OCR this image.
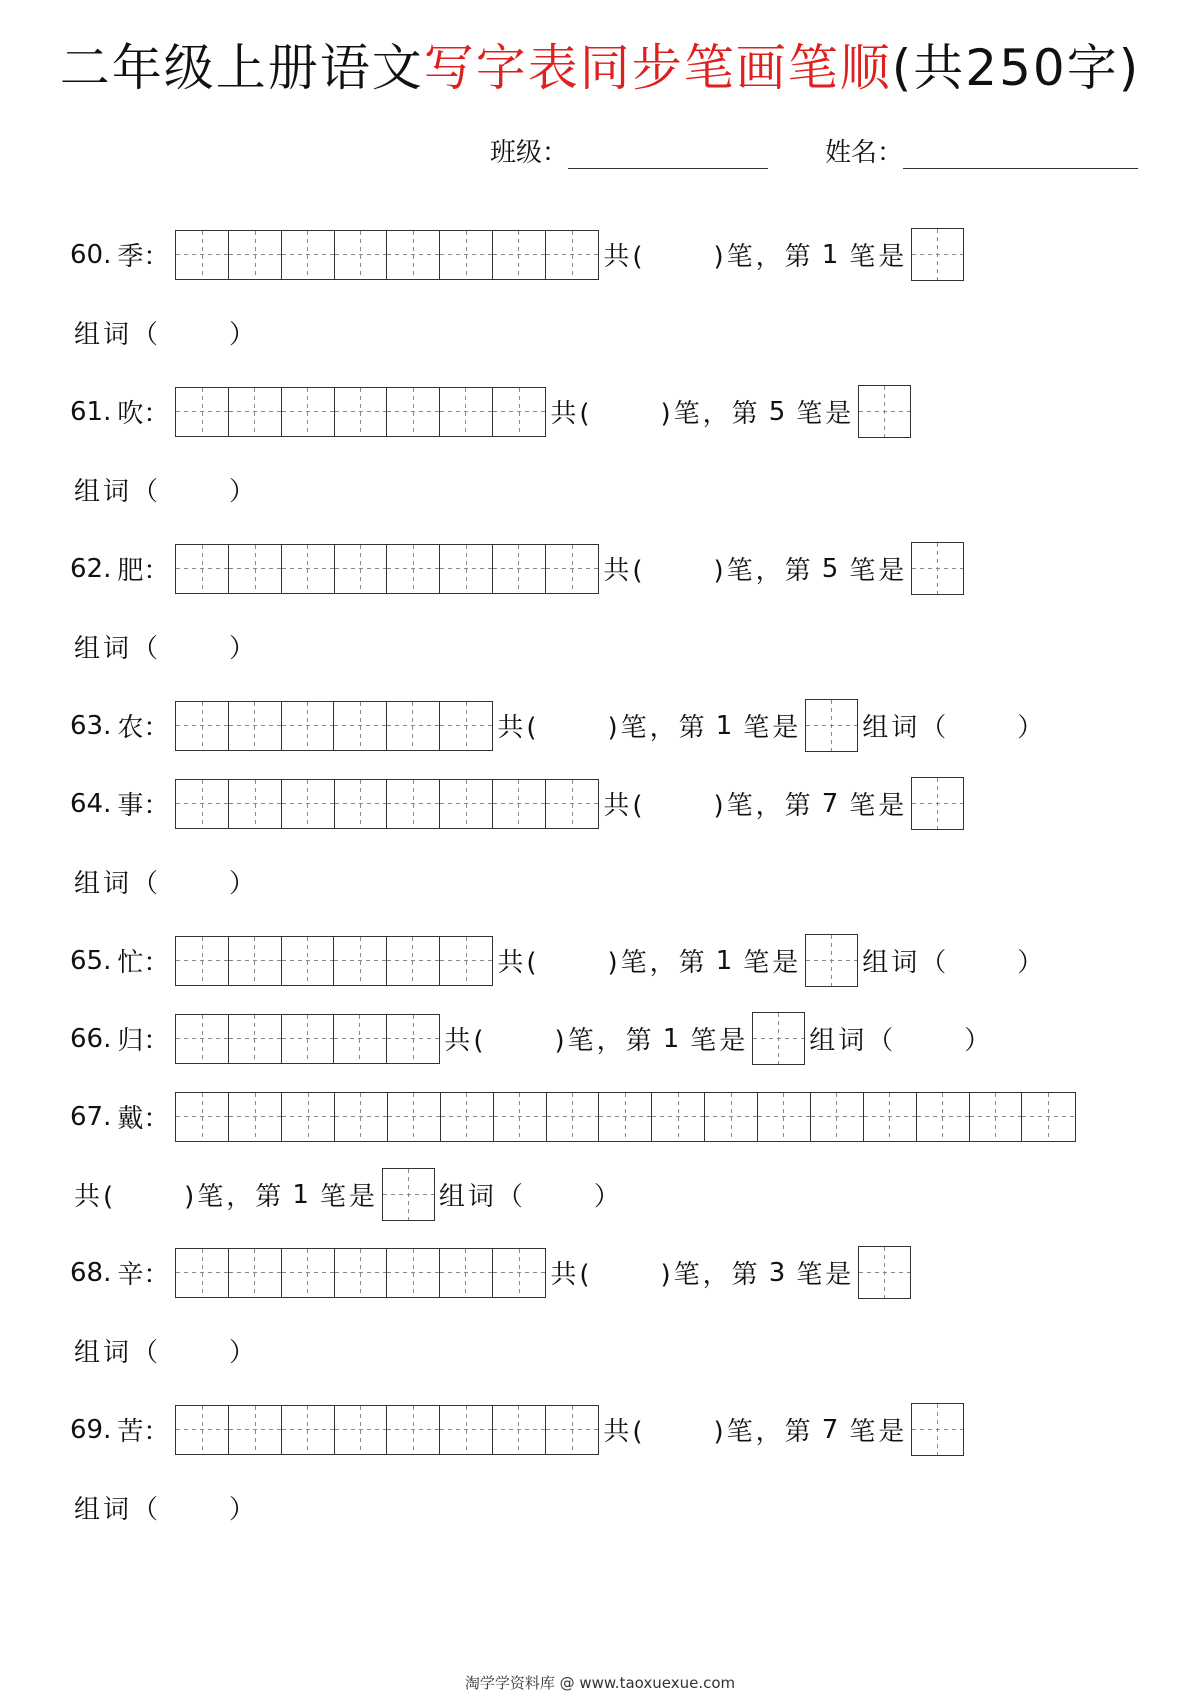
二年级上册语文写字表同步笔画笔顺(共250字)
班级：	姓名：
60. 季：	共(	)笔，第 1 笔是
组词（	）
61. 吹：	共(	)笔，第 5 笔是
组词（	）
62. 肥：	共(	)笔，第 5 笔是
组词（	）
63. 农：	共(	)笔，第 1 笔是 组词（	）
64. 事：	共(	)笔，第 7 笔是
组词（	）
65. 忙：	共(	)笔，第 1 笔是 组词（	）
66. 归：	共(	)笔，第 1 笔是 组词（	）
67. 戴：
共(	)笔，第 1 笔是 组词（	）
68. 辛：	共(	)笔，第 3 笔是
组词（	）
69. 苦：	共(	)笔，第 7 笔是
组词（	）
淘学学资料库 @ www.taoxuexue.com
